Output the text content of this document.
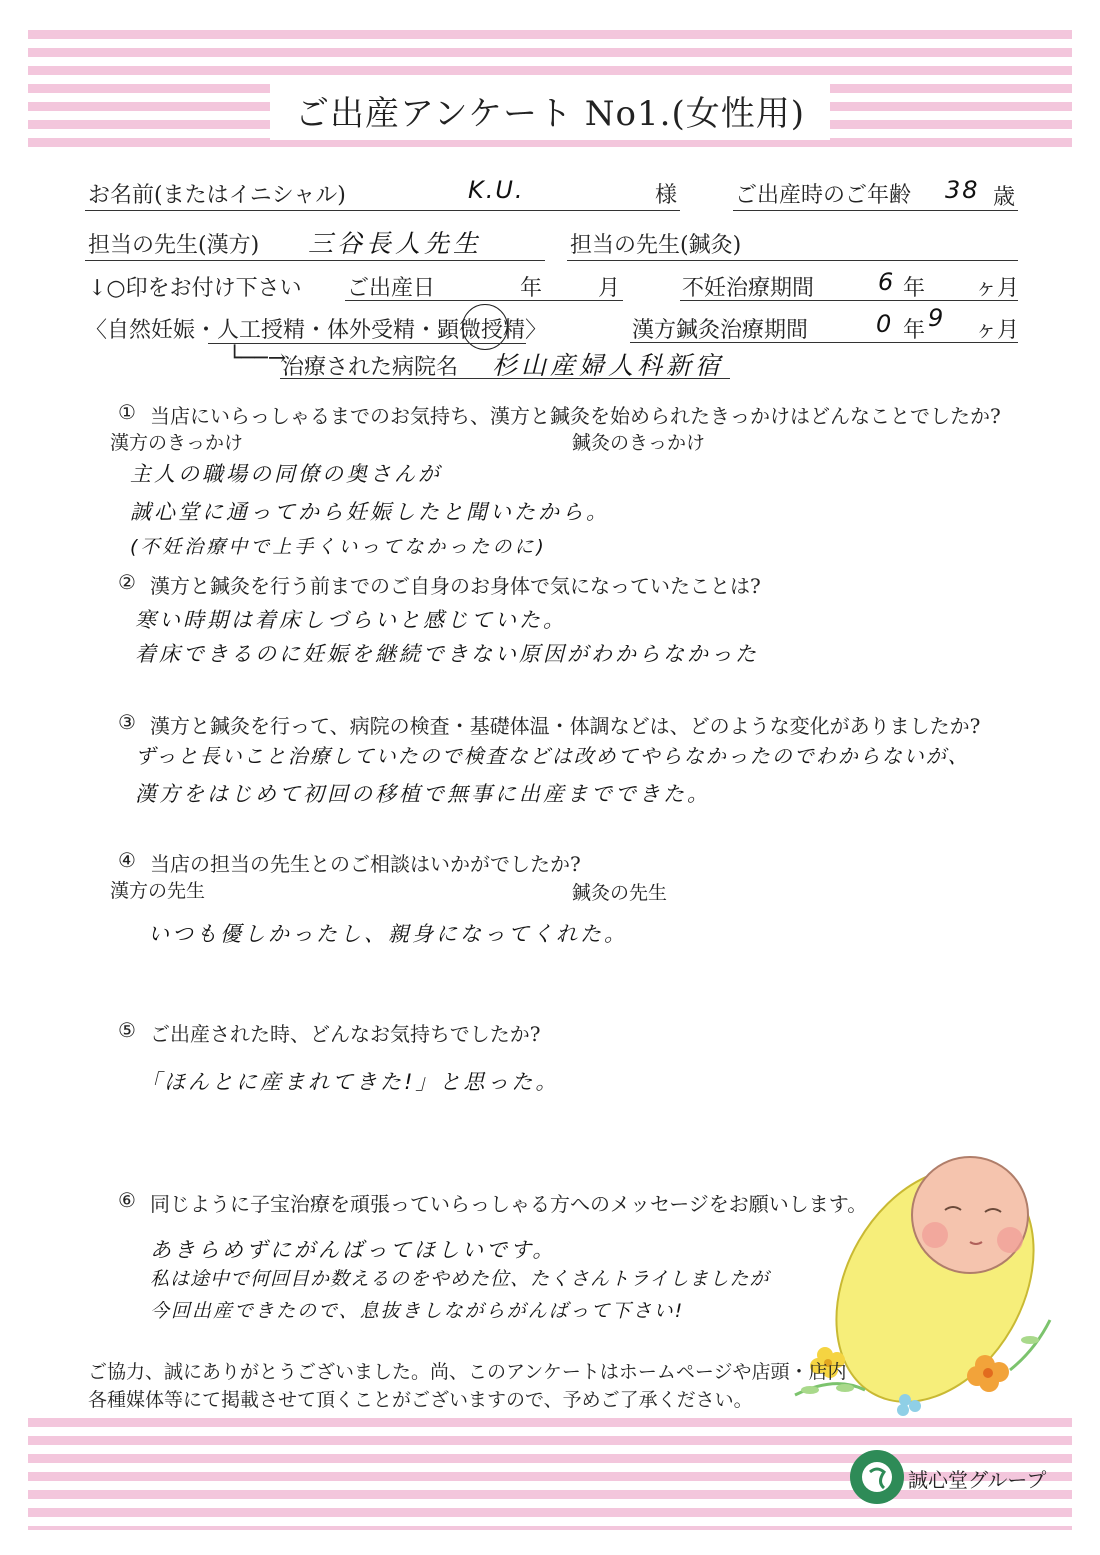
ご出産アンケート No1.(女性用)
お名前(またはイニシャル)	K.U.	様	ご出産時のご年齢 38 歳
担当の先生(漢方) 三谷長人先生	担当の先生(鍼灸)
↓○印をお付け下さい ご出産日	年	月	不妊治療期間	6 年 ヶ月
〈自然妊娠・人工授精・体外受精・顕微授精〉	漢方鍼灸治療期間	0 年 9 ヶ月
└──→
治療された病院名 杉山産婦人科新宿
① 当店にいらっしゃるまでのお気持ち、漢方と鍼灸を始められたきっかけはどんなことでしたか?
漢方のきっかけ	鍼灸のきっかけ
主人の職場の同僚の奥さんが
誠心堂に通ってから妊娠したと聞いたから。
(不妊治療中で上手くいってなかったのに)
② 漢方と鍼灸を行う前までのご自身のお身体で気になっていたことは?
寒い時期は着床しづらいと感じていた。
着床できるのに妊娠を継続できない原因がわからなかった
③ 漢方と鍼灸を行って、病院の検査・基礎体温・体調などは、どのような変化がありましたか?
ずっと長いこと治療していたので検査などは改めてやらなかったのでわからないが、
漢方をはじめて初回の移植で無事に出産までできた。
④ 当店の担当の先生とのご相談はいかがでしたか?
漢方の先生	鍼灸の先生
いつも優しかったし、親身になってくれた。
⑤ ご出産された時、どんなお気持ちでしたか?
「ほんとに産まれてきた!」と思った。
⑥ 同じように子宝治療を頑張っていらっしゃる方へのメッセージをお願いします。
あきらめずにがんばってほしいです。
私は途中で何回目か数えるのをやめた位、たくさんトライしましたが
今回出産できたので、息抜きしながらがんばって下さい!
ご協力、誠にありがとうございました。尚、このアンケートはホームページや店頭・店内
各種媒体等にて掲載させて頂くことがございますので、予めご了承ください。
誠心堂グループ
